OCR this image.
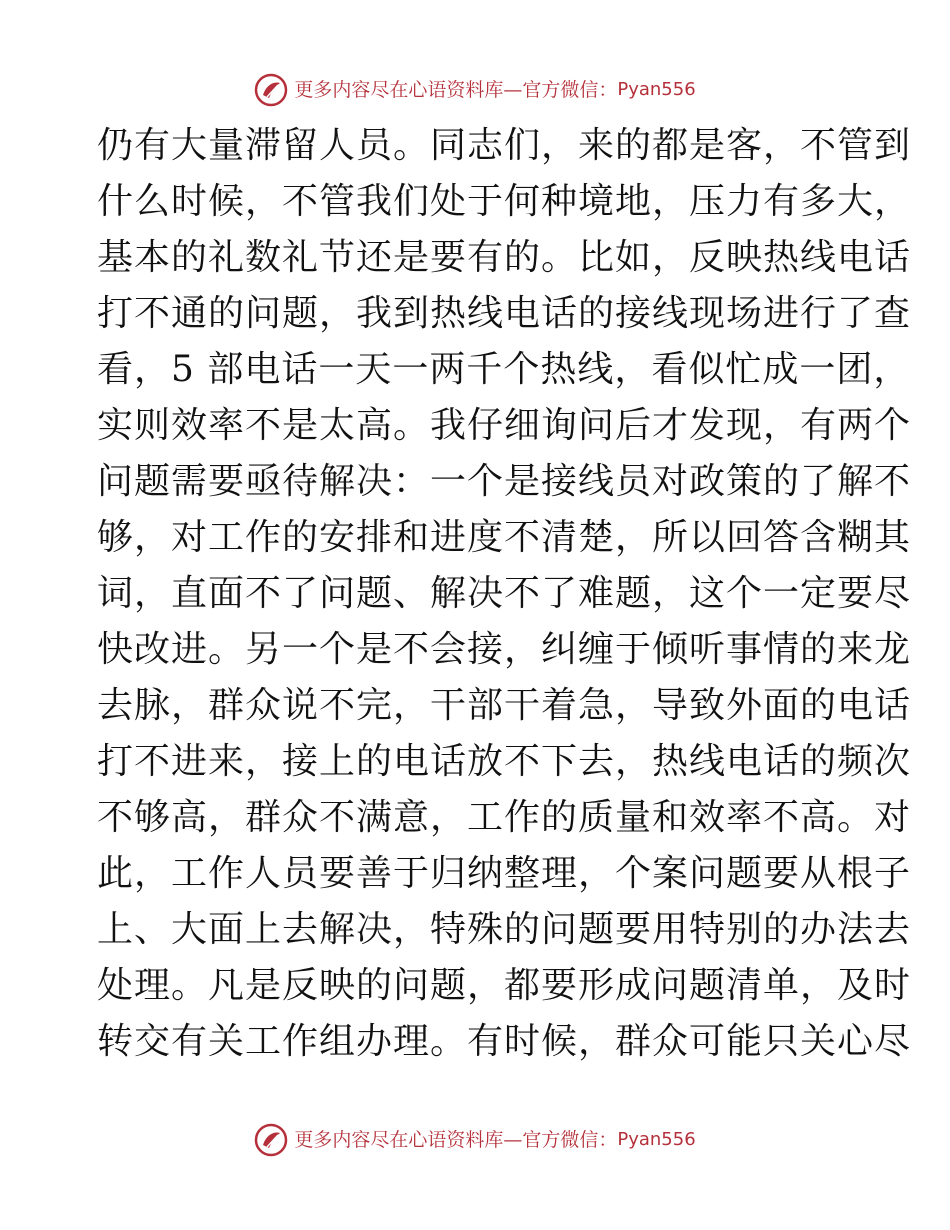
更多内容尽在心语资料库—官方微信： Pyan556
仍有大量滞留人员。同志们，来的都是客，不管到
什么时候，不管我们处于何种境地，压力有多大，
基本的礼数礼节还是要有的。比如，反映热线电话
打不通的问题，我到热线电话的接线现场进行了查
看，5 部电话一天一两千个热线，看似忙成一团，
实则效率不是太高。我仔细询问后才发现，有两个
问题需要亟待解决：一个是接线员对政策的了解不
够，对工作的安排和进度不清楚，所以回答含糊其
词，直面不了问题、解决不了难题，这个一定要尽
快改进。另一个是不会接，纠缠于倾听事情的来龙
去脉，群众说不完，干部干着急，导致外面的电话
打不进来，接上的电话放不下去，热线电话的频次
不够高，群众不满意，工作的质量和效率不高。对
此，工作人员要善于归纳整理，个案问题要从根子
上、大面上去解决，特殊的问题要用特别的办法去
处理。凡是反映的问题，都要形成问题清单，及时
转交有关工作组办理。有时候，群众可能只关心尽
更多内容尽在心语资料库—官方微信： Pyan556
